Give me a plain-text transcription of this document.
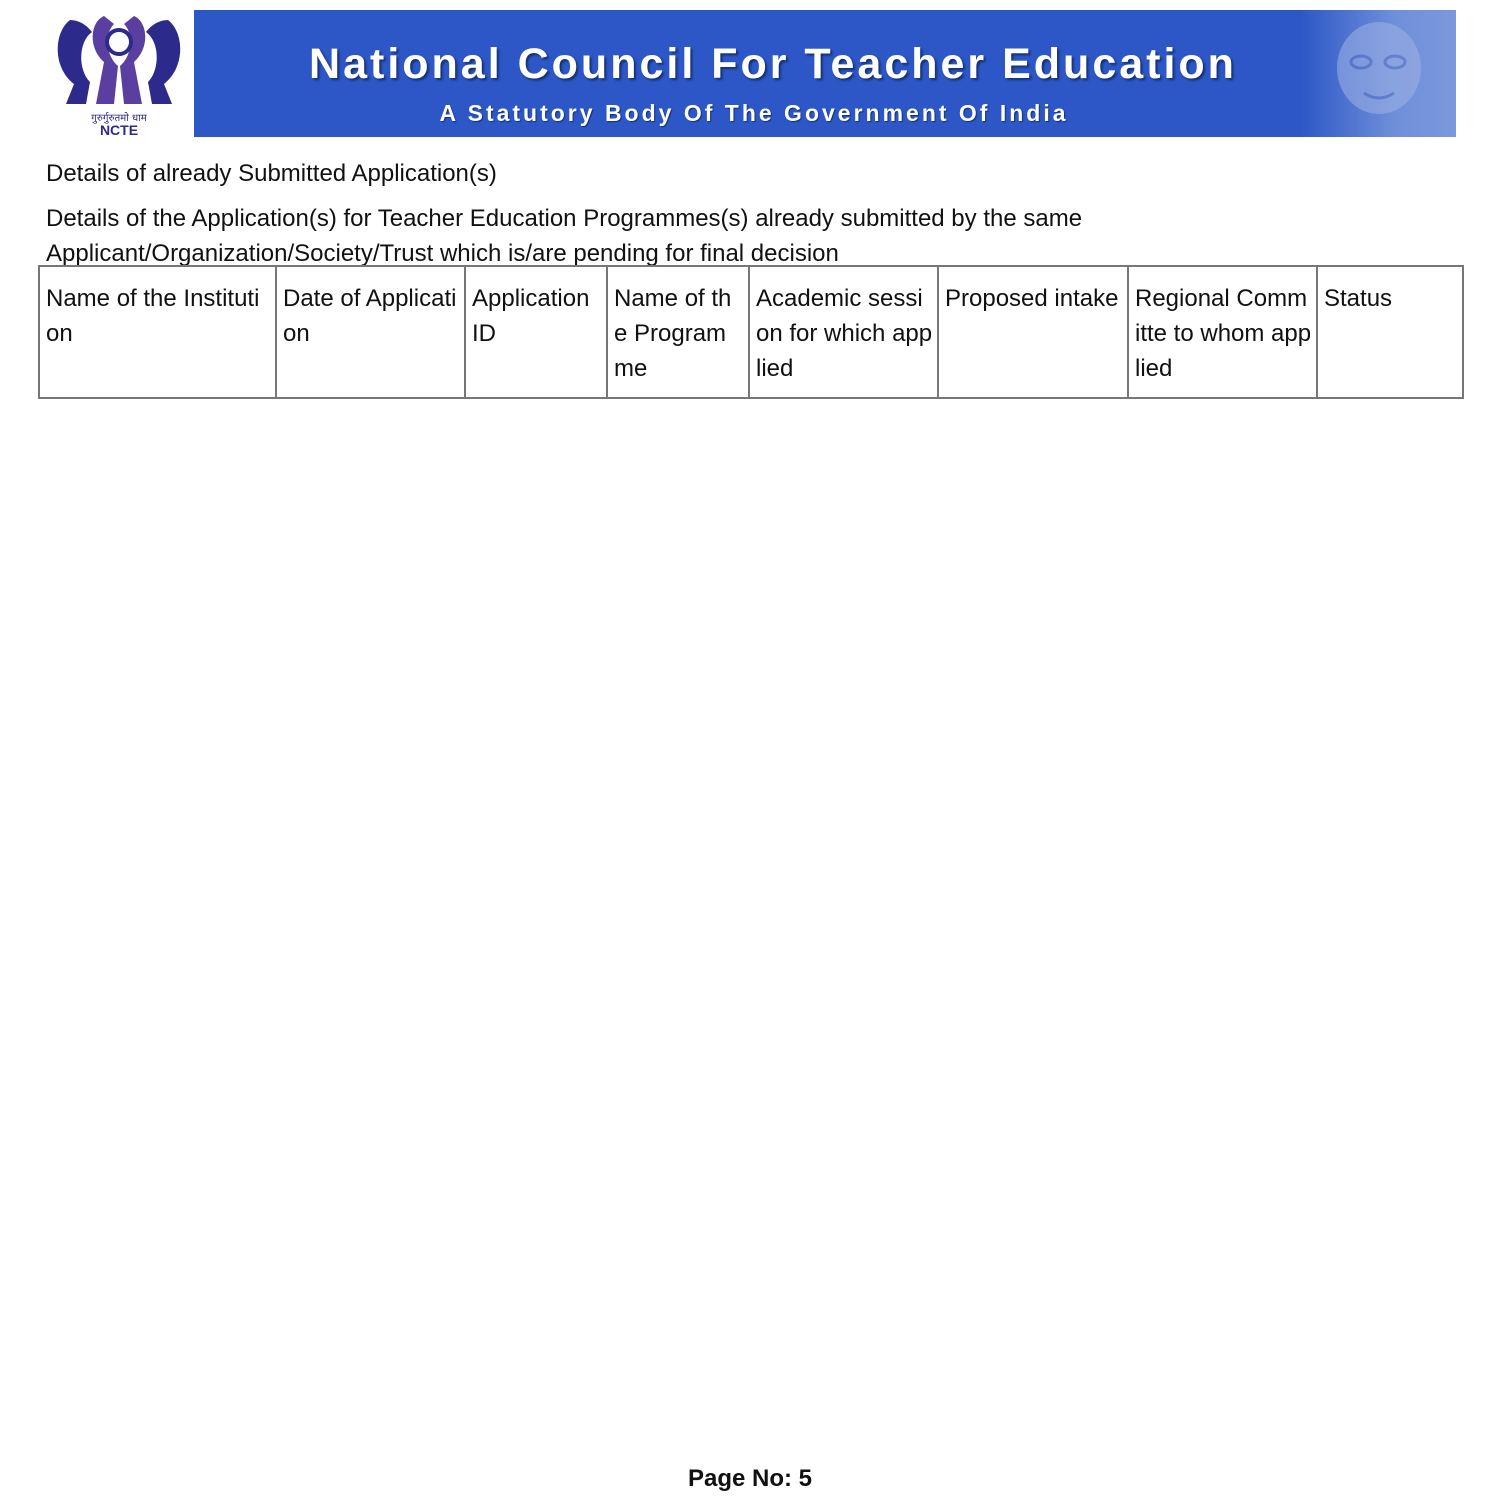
गुरुर्गुरुतमो धाम
NCTE
National Council For Teacher Education
A Statutory Body Of The Government Of India
Details of already Submitted Application(s)
Details of the Application(s) for Teacher Education Programmes(s) already submitted by the same Applicant/Organization/Society/Trust which is/are pending for final decision
Name of the Institution	Date of Application	Application ID	Name of the Programme	Academic session for which applied	Proposed intake	Regional Committe to whom applied	Status
Page No: 5
